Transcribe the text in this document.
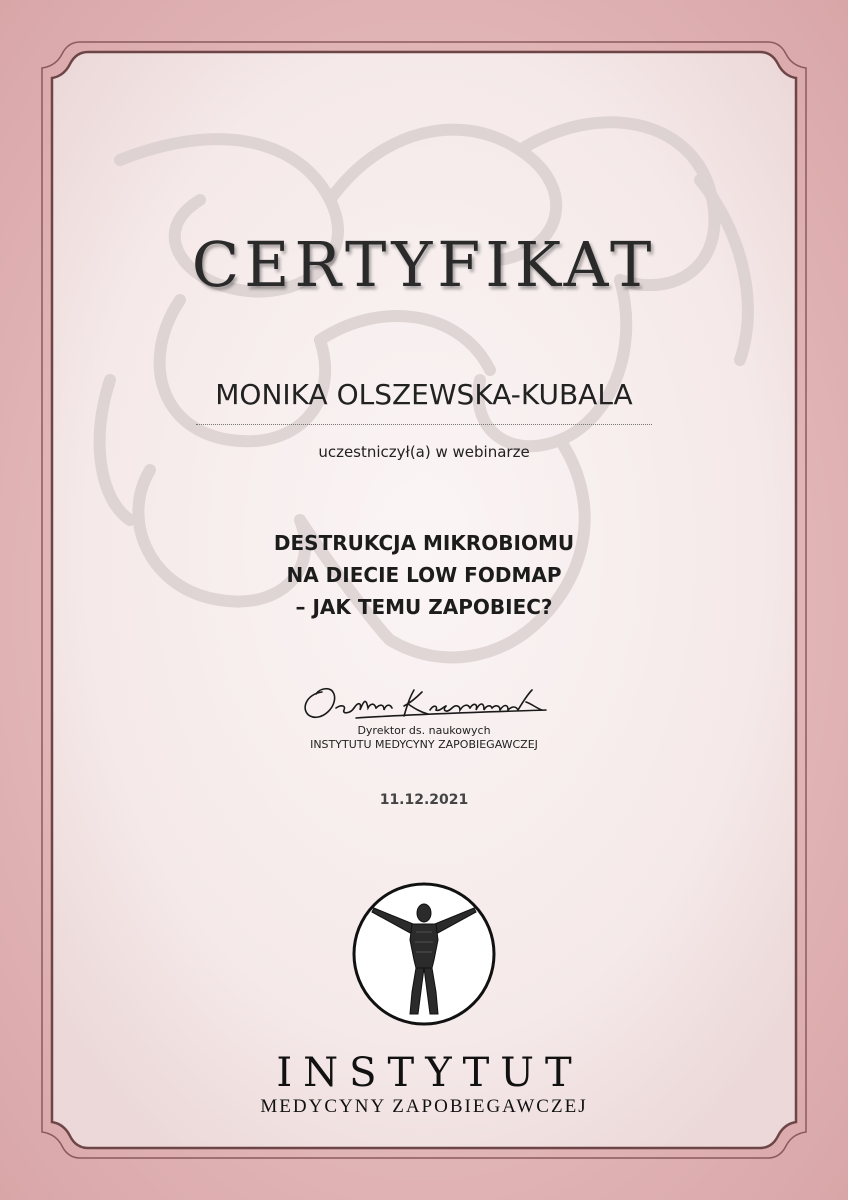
CERTYFIKAT
MONIKA OLSZEWSKA-KUBALA
uczestniczył(a) w webinarze
DESTRUKCJA MIKROBIOMU
NA DIECIE LOW FODMAP
– JAK TEMU ZAPOBIEC?
Dyrektor ds. naukowych
INSTYTUTU MEDYCYNY ZAPOBIEGAWCZEJ
11.12.2021
INSTYTUT
MEDYCYNY ZAPOBIEGAWCZEJ
